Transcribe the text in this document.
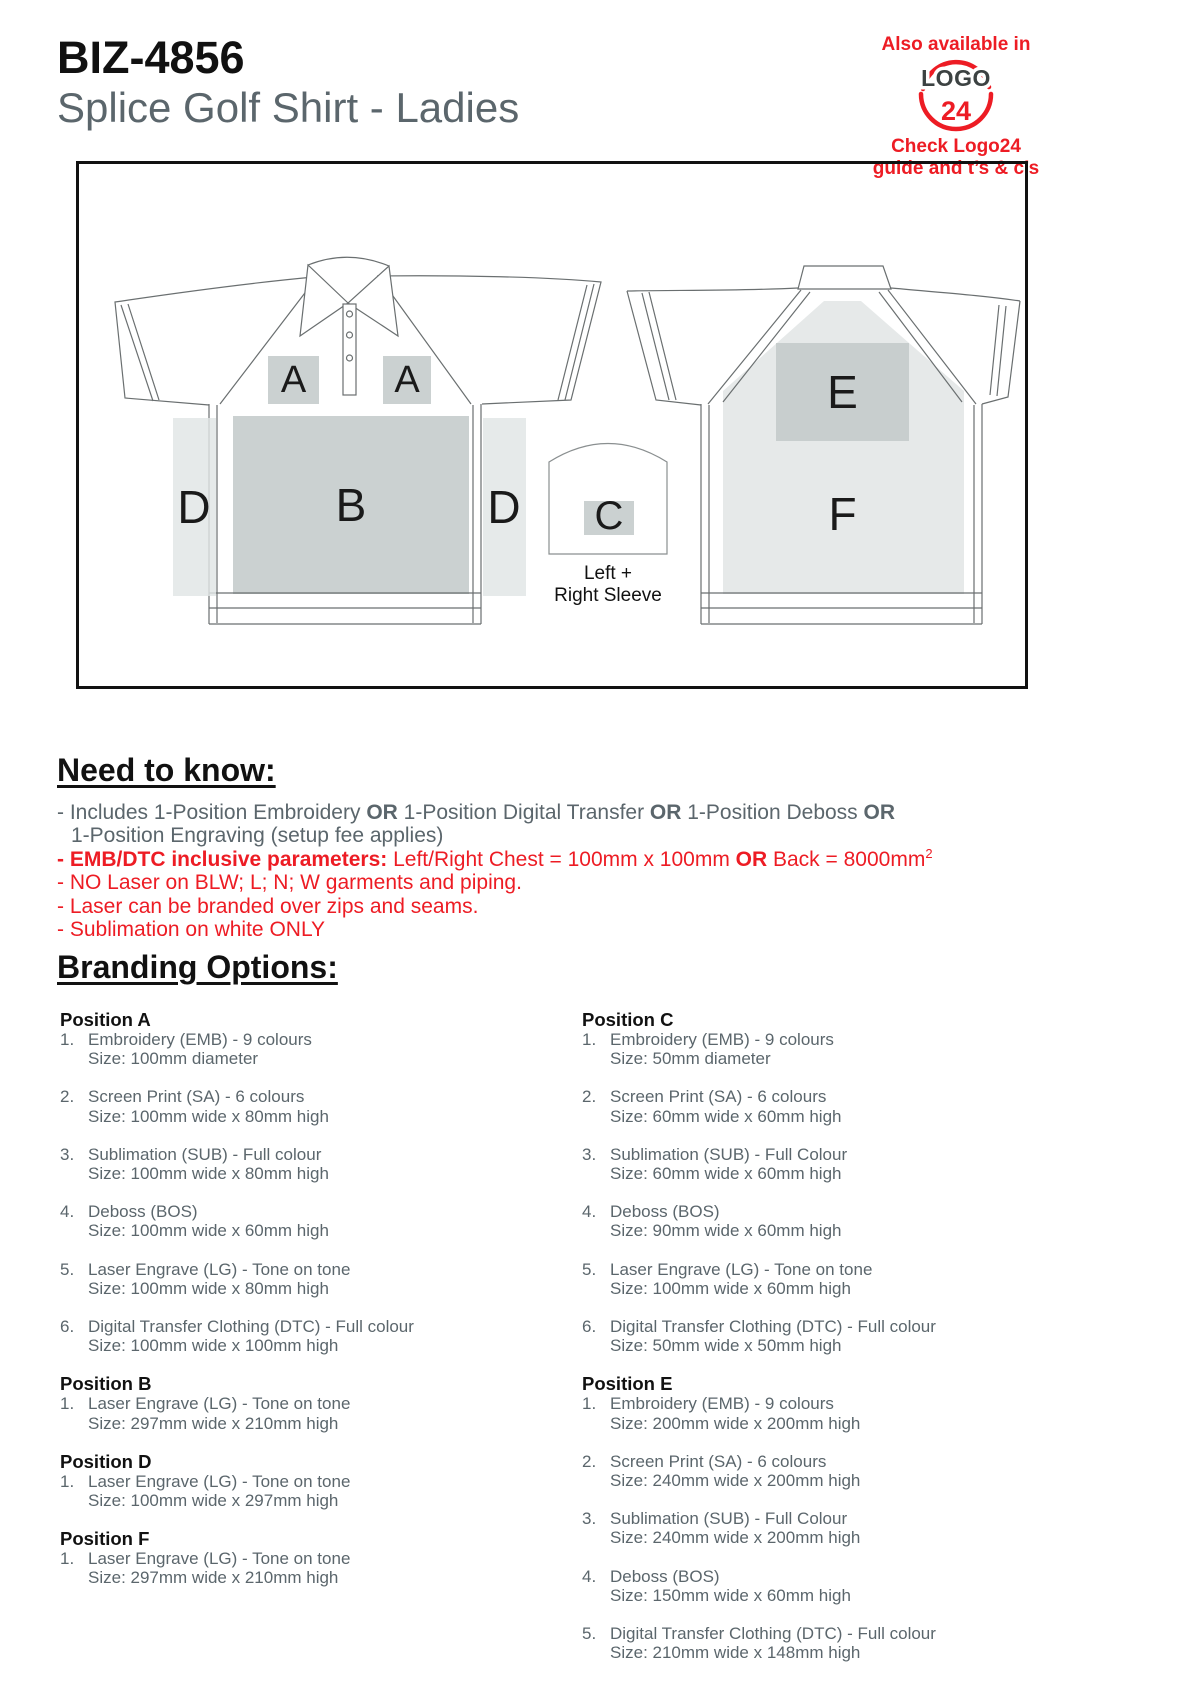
BIZ-4856
Splice Golf Shirt - Ladies
Also available in
LOGO
24
Check Logo24
guide and t’s & c’s
A	A
B	C
D	D
E
F
Left +
Right Sleeve
Need to know:
- Includes 1-Position Embroidery OR 1-Position Digital Transfer OR 1-Position Deboss OR
1-Position Engraving (setup fee applies)
- EMB/DTC inclusive parameters: Left/Right Chest = 100mm x 100mm OR Back = $8000mm^2$
- NO Laser on BLW; L; N; W garments and piping.
- Laser can be branded over zips and seams.
- Sublimation on white ONLY
Branding Options:
Position A
1. Embroidery (EMB) - 9 colours
Size: 100mm diameter
2. Screen Print (SA) - 6 colours
Size: 100mm wide x 80mm high
3. Sublimation (SUB) - Full colour
Size: 100mm wide x 80mm high
4. Deboss (BOS)
Size: 100mm wide x 60mm high
5. Laser Engrave (LG) - Tone on tone
Size: 100mm wide x 80mm high
6. Digital Transfer Clothing (DTC) - Full colour
Size: 100mm wide x 100mm high
Position B
1. Laser Engrave (LG) - Tone on tone
Size: 297mm wide x 210mm high
Position D
1. Laser Engrave (LG) - Tone on tone
Size: 100mm wide x 297mm high
Position F
1. Laser Engrave (LG) - Tone on tone
Size: 297mm wide x 210mm high
Position C
1. Embroidery (EMB) - 9 colours
Size: 50mm diameter
2. Screen Print (SA) - 6 colours
Size: 60mm wide x 60mm high
3. Sublimation (SUB) - Full Colour
Size: 60mm wide x 60mm high
4. Deboss (BOS)
Size: 90mm wide x 60mm high
5. Laser Engrave (LG) - Tone on tone
Size: 100mm wide x 60mm high
6. Digital Transfer Clothing (DTC) - Full colour
Size: 50mm wide x 50mm high
Position E
1. Embroidery (EMB) - 9 colours
Size: 200mm wide x 200mm high
2. Screen Print (SA) - 6 colours
Size: 240mm wide x 200mm high
3. Sublimation (SUB) - Full Colour
Size: 240mm wide x 200mm high
4. Deboss (BOS)
Size: 150mm wide x 60mm high
5. Digital Transfer Clothing (DTC) - Full colour
Size: 210mm wide x 148mm high
